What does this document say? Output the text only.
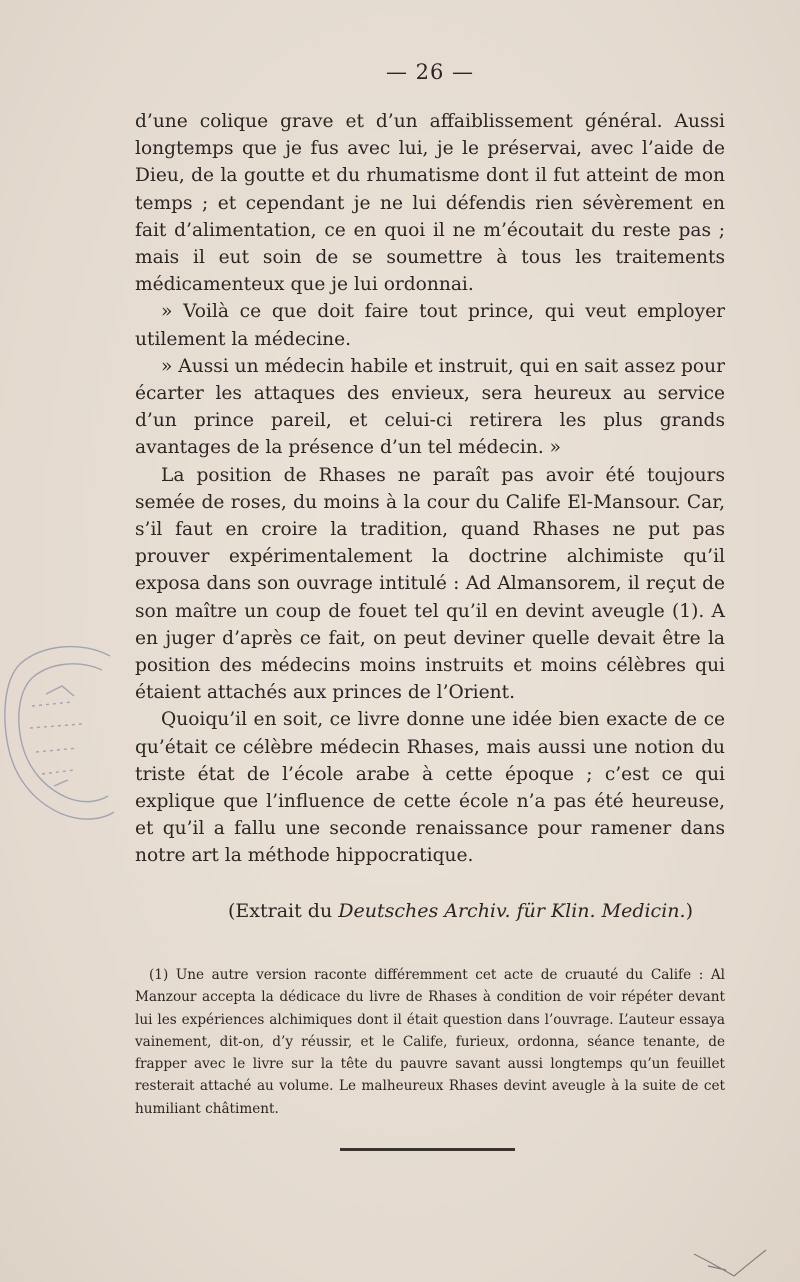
— 26 —

d’une colique grave et d’un affaiblissement général. Aussi longtemps que je fus avec lui, je le préservai, avec l’aide de Dieu, de la goutte et du rhumatisme dont il fut atteint de mon temps ; et cependant je ne lui défendis rien sévèrement en fait d’alimentation, ce en quoi il ne m’écoutait du reste pas ; mais il eut soin de se soumettre à tous les traitements médicamenteux que je lui ordonnai.

» Voilà ce que doit faire tout prince, qui veut employer utilement la médecine.

» Aussi un médecin habile et instruit, qui en sait assez pour écarter les attaques des envieux, sera heureux au service d’un prince pareil, et celui-ci retirera les plus grands avantages de la présence d’un tel médecin. »

La position de Rhases ne paraît pas avoir été toujours semée de roses, du moins à la cour du Calife El-Mansour. Car, s’il faut en croire la tradition, quand Rhases ne put pas prouver expérimentalement la doctrine alchimiste qu’il exposa dans son ouvrage intitulé : Ad Almansorem, il reçut de son maître un coup de fouet tel qu’il en devint aveugle (1). A en juger d’après ce fait, on peut deviner quelle devait être la position des médecins moins instruits et moins célèbres qui étaient attachés aux princes de l’Orient.

Quoiqu’il en soit, ce livre donne une idée bien exacte de ce qu’était ce célèbre médecin Rhases, mais aussi une notion du triste état de l’école arabe à cette époque ; c’est ce qui explique que l’influence de cette école n’a pas été heureuse, et qu’il a fallu une seconde renaissance pour ramener dans notre art la méthode hippocratique.

(Extrait du Deutsches Archiv. für Klin. Medicin.)
(1) Une autre version raconte différemment cet acte de cruauté du Calife : Al Manzour accepta la dédicace du livre de Rhases à condition de voir répéter devant lui les expériences alchimiques dont il était question dans l’ouvrage. L’auteur essaya vainement, dit-on, d’y réussir, et le Calife, furieux, ordonna, séance tenante, de frapper avec le livre sur la tête du pauvre savant aussi longtemps qu’un feuillet resterait attaché au volume. Le malheureux Rhases devint aveugle à la suite de cet humiliant châtiment.
